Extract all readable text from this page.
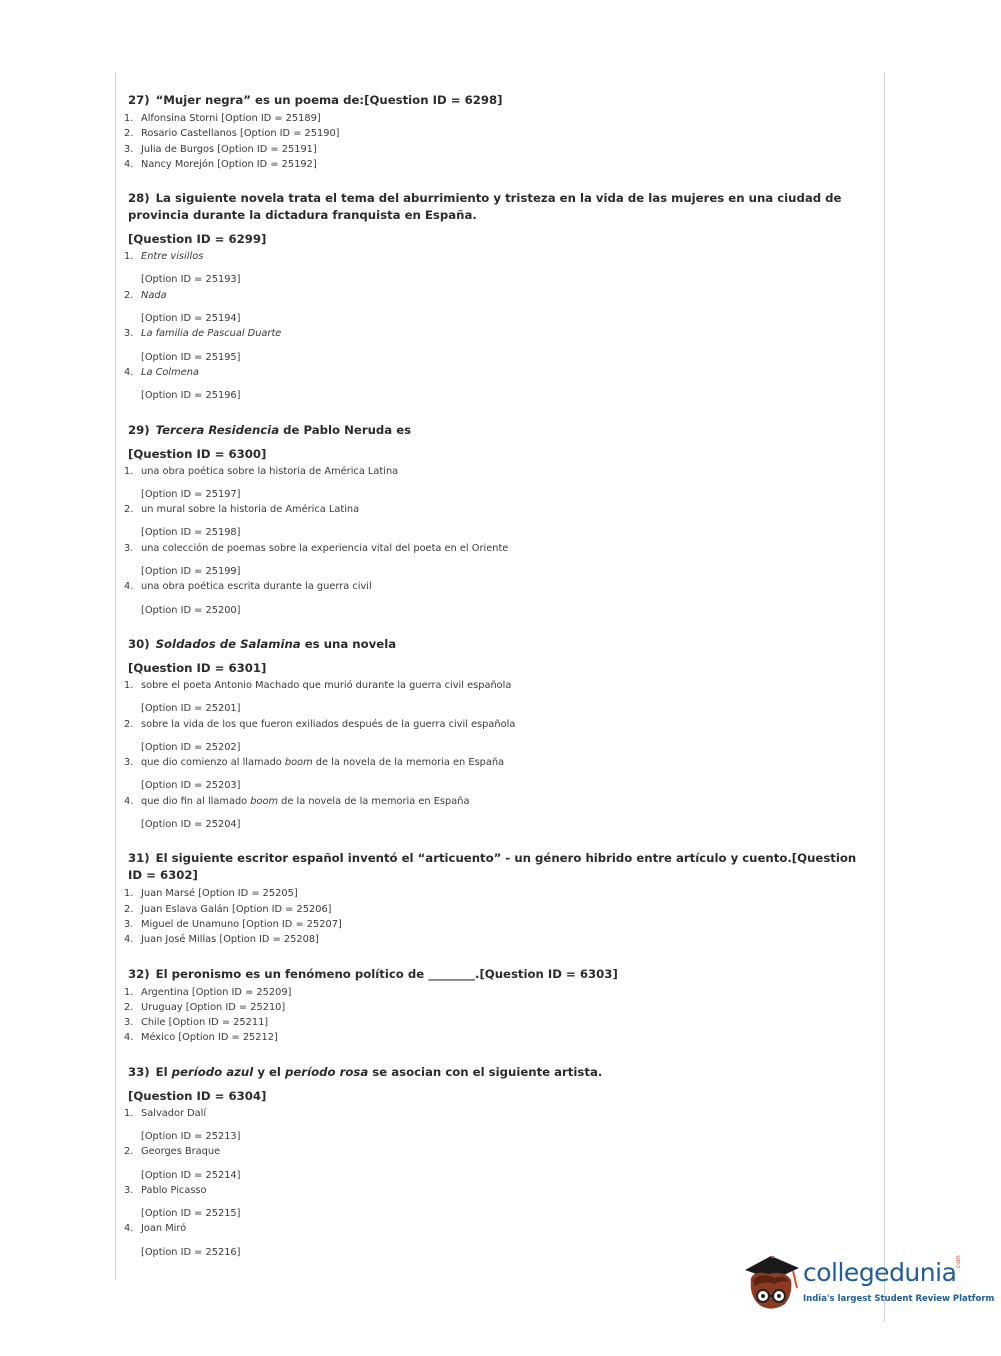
27) “Mujer negra” es un poema de:[Question ID = 6298]

1. Alfonsina Storni [Option ID = 25189]
2. Rosario Castellanos [Option ID = 25190]
3. Julia de Burgos [Option ID = 25191]
4. Nancy Morejón [Option ID = 25192]

28) La siguiente novela trata el tema del aburrimiento y tristeza en la vida de las mujeres en una ciudad de provincia durante la dictadura franquista en España.

[Question ID = 6299]
1. Entre visillos
[Option ID = 25193]
2. Nada
[Option ID = 25194]
3. La familia de Pascual Duarte
[Option ID = 25195]
4. La Colmena
[Option ID = 25196]

29) Tercera Residencia de Pablo Neruda es

[Question ID = 6300]
1. una obra poética sobre la historia de América Latina
[Option ID = 25197]
2. un mural sobre la historia de América Latina
[Option ID = 25198]
3. una colección de poemas sobre la experiencia vital del poeta en el Oriente
[Option ID = 25199]
4. una obra poética escrita durante la guerra civil
[Option ID = 25200]

30) Soldados de Salamina es una novela

[Question ID = 6301]
1. sobre el poeta Antonio Machado que murió durante la guerra civil española
[Option ID = 25201]
2. sobre la vida de los que fueron exiliados después de la guerra civil española
[Option ID = 25202]
3. que dio comienzo al llamado boom de la novela de la memoria en España
[Option ID = 25203]
4. que dio fin al llamado boom de la novela de la memoria en España
[Option ID = 25204]

31) El siguiente escritor español inventó el “articuento” - un género hibrido entre artículo y cuento.[Question ID = 6302]

1. Juan Marsé [Option ID = 25205]
2. Juan Eslava Galán [Option ID = 25206]
3. Miguel de Unamuno [Option ID = 25207]
4. Juan José Millas [Option ID = 25208]

32) El peronismo es un fenómeno político de ________.[Question ID = 6303]

1. Argentina [Option ID = 25209]
2. Uruguay [Option ID = 25210]
3. Chile [Option ID = 25211]
4. México [Option ID = 25212]

33) El período azul y el período rosa se asocian con el siguiente artista.

[Question ID = 6304]
1. Salvador Dalí
[Option ID = 25213]
2. Georges Braque
[Option ID = 25214]
3. Pablo Picasso
[Option ID = 25215]
4. Joan Miró
[Option ID = 25216]
collegedunia
.com
India's largest Student Review Platform
